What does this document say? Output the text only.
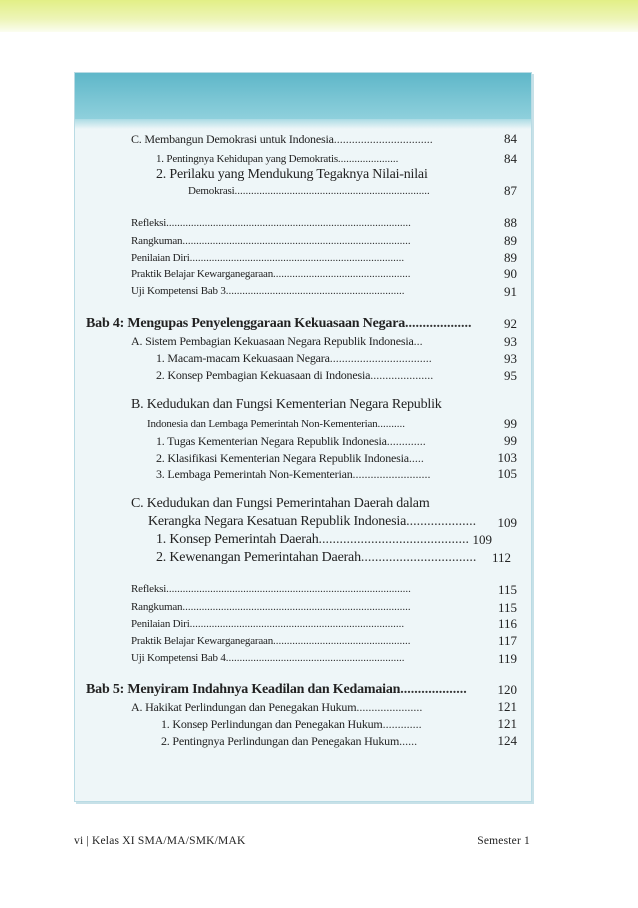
C. Membangun Demokrasi untuk Indonesia.................................	84
1. Pentingnya Kehidupan yang Demokratis......................	84
2. Perilaku yang Mendukung Tegaknya Nilai-nilai
Demokrasi.......................................................................	87
Refleksi.........................................................................................	88
Rangkuman...................................................................................	89
Penilaian Diri..............................................................................	89
Praktik Belajar Kewarganegaraan..................................................	90
Uji Kompetensi Bab 3.................................................................	91
Bab 4: Mengupas Penyelenggaraan Kekuasaan Negara................... 92
A. Sistem Pembagian Kekuasaan Negara Republik Indonesia...	93
1. Macam-macam Kekuasaan Negara..................................	93
2. Konsep Pembagian Kekuasaan di Indonesia.....................	95
B. Kedudukan dan Fungsi Kementerian Negara Republik
Indonesia dan Lembaga Pemerintah Non-Kementerian..........	99
1. Tugas Kementerian Negara Republik Indonesia.............	99
2. Klasifikasi Kementerian Negara Republik Indonesia.....	103
3. Lembaga Pemerintah Non-Kementerian..........................	105
C. Kedudukan dan Fungsi Pemerintahan Daerah dalam
Kerangka Negara Kesatuan Republik Indonesia.................... 109
1. Konsep Pemerintah Daerah........................................... 109
2. Kewenangan Pemerintahan Daerah................................. 112
Refleksi.........................................................................................	115
Rangkuman...................................................................................	115
Penilaian Diri..............................................................................	116
Praktik Belajar Kewarganegaraan..................................................	117
Uji Kompetensi Bab 4.................................................................	119
Bab 5: Menyiram Indahnya Keadilan dan Kedamaian................... 120
A. Hakikat Perlindungan dan Penegakan Hukum......................	121
1. Konsep Perlindungan dan Penegakan Hukum.............	121
2. Pentingnya Perlindungan dan Penegakan Hukum......	124
vi | Kelas XI SMA/MA/SMK/MAK	Semester 1
